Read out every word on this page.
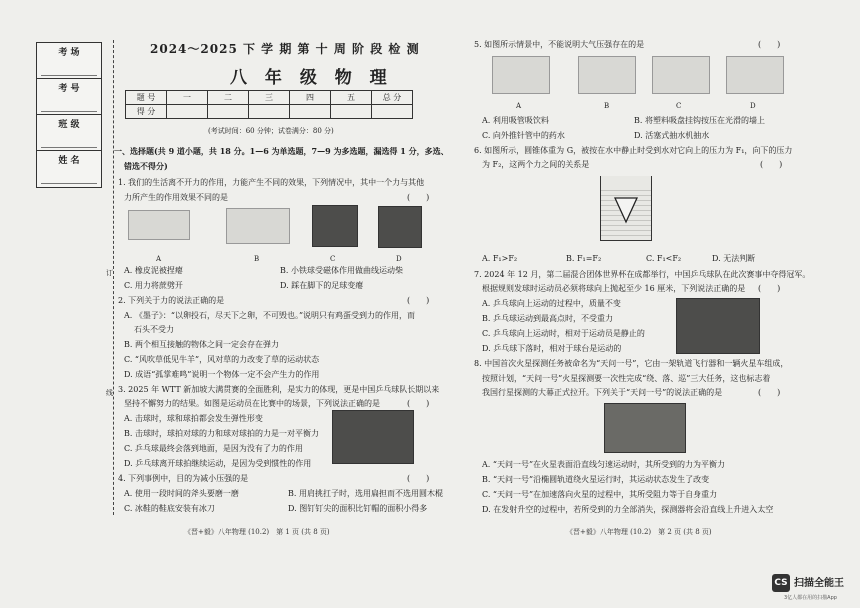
考 场
考 号
班 级
姓 名
订
线
2024～2025 下 学 期 第 十 周 阶 段 检 测
八 年 级 物 理
题 号	一	二	三	四	五	总 分
得 分						
(考试时间：60 分钟；试卷满分：80 分)
一、选择题(共 9 道小题，共 18 分。1—6 为单选题，7—9 为多选题，漏选得 1 分，多选、
错选不得分)
1. 我们的生活离不开力的作用，力能产生不同的效果，下列情况中，其中一个力与其他
力所产生的作用效果不同的是	(　　)
A	B	C	D
A. 橡皮泥被捏瘪	B. 小铁球受磁体作用做曲线运动柴
C. 用力将蔗劈开	D. 踩在脚下的足球变瘪
2. 下列关于力的说法正确的是	(　　)
A. 《墨子》：“以卵投石，尽天下之卵，不可毁也。”说明只有鸡蛋受到力的作用，而
石头不受力
B. 两个相互接触的物体之间一定会存在弹力
C. “风吹草低见牛羊”，风对草的力改变了草的运动状态
D. 成语“孤掌难鸣”说明一个物体一定不会产生力的作用
3. 2025 年 WTT 新加坡大满贯赛的全面胜利，是实力的体现，更是中国乒乓球队长期以来
坚持不懈努力的结果。如图是运动员在比赛中的场景，下列说法正确的是	(　　)
A. 击球时，球和球拍都会发生弹性形变
B. 击球时，球拍对球的力和球对球拍的力是一对平衡力
C. 乒乓球最终会落到地面，是因为没有了力的作用
D. 乒乓球离开球拍继续运动，是因为受到惯性的作用
4. 下列事例中，目的为减小压强的是	(　　)
A. 使用一段时间的斧头要磨一磨	B. 用肩挑扛子时，选用扁担而不选用圆木棍
C. 冰鞋的鞋底安装有冰刀	D. 图钉钉尖的面积比钉帽的面积小得多
《晋+毅》八年物理 (10.2)　第 1 页 (共 8 页)
5. 如图所示情景中，不能说明大气压强存在的是	(　　)
A	B	C	D
A. 利用吸管吸饮料	B. 将塑料吸盘挂钩按压在光滑的墙上
C. 向外推针管中的药水	D. 活塞式抽水机抽水
6. 如图所示，圆锥体重为 G，被按在水中静止时受到水对它向上的压力为 F₁，向下的压力
为 F₂，这两个力之间的关系是	(　　)
A. F₁>F₂	B. F₁=F₂	C. F₁<F₂	D. 无法判断
7. 2024 年 12 月，第二届混合团体世界杯在成都举行，中国乒乓球队在此次赛事中夺得冠军。
根据规则发球时运动员必须将球向上抛起至少 16 厘米，下列说法正确的是 (　　)
A. 乒乓球向上运动的过程中，质量不变
B. 乒乓球运动到最高点时，不受重力
C. 乒乓球向上运动时，相对于运动员是静止的
D. 乒乓球下落时，相对于球台是运动的
8. 中国首次火星探测任务被命名为“天问一号”，它由一架轨道飞行器和一辆火星车组成，
按照计划，“天问一号”火星探测要一次性完成“绕、落、巡”三大任务，这也标志着
我国行星探测的大幕正式拉开。下列关于“天问一号”的说法正确的是	(　　)
A. “天问一号”在火星表面沿直线匀速运动时，其所受到的力为平衡力
B. “天问一号”沿椭圆轨道绕火星运行时，其运动状态发生了改变
C. “天问一号”在加速落向火星的过程中，其所受阻力等于自身重力
D. 在发射升空的过程中，若所受到的力全部消失，探测器将会沿直线上升进入太空
《晋+毅》八年物理 (10.2)　第 2 页 (共 8 页)
CS 扫描全能王
3亿人都在用的扫描App
